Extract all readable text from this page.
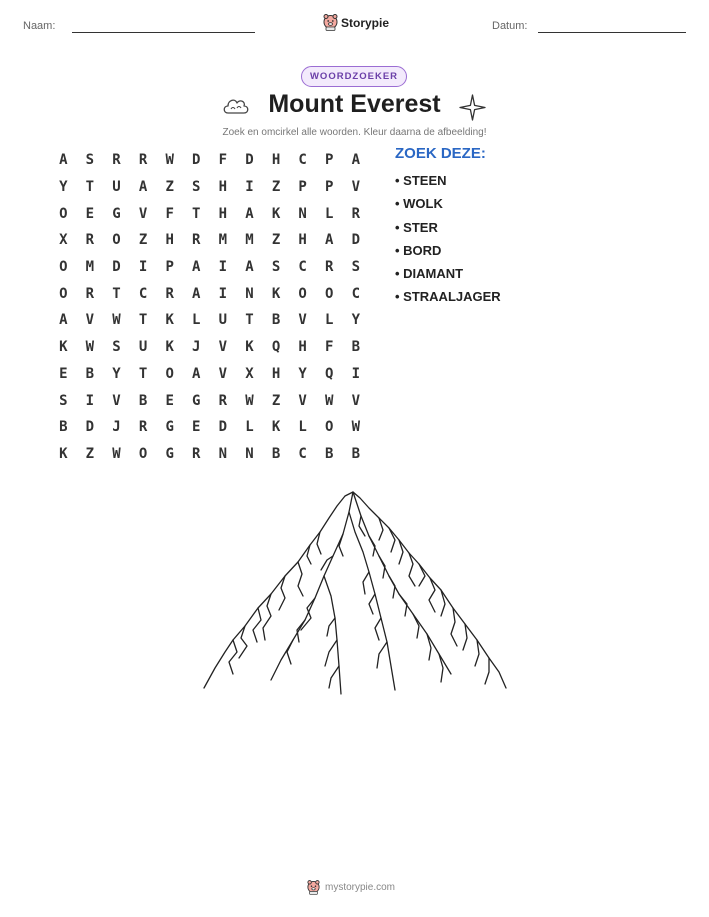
Naam:	Storypie	Datum:
WOORDZOEKER
Mount Everest
Zoek en omcirkel alle woorden. Kleur daarna de afbeelding!
A	S	R	R	W	D	F	D	H	C	P	A
Y	T	U	A	Z	S	H	I	Z	P	P	V
O	E	G	V	F	T	H	A	K	N	L	R
X	R	O	Z	H	R	M	M	Z	H	A	D
O	M	D	I	P	A	I	A	S	C	R	S
O	R	T	C	R	A	I	N	K	O	O	C
A	V	W	T	K	L	U	T	B	V	L	Y
K	W	S	U	K	J	V	K	Q	H	F	B
E	B	Y	T	O	A	V	X	H	Y	Q	I
S	I	V	B	E	G	R	W	Z	V	W	V
B	D	J	R	G	E	D	L	K	L	O	W
K	Z	W	O	G	R	N	N	B	C	B	B
ZOEK DEZE:
• STEEN
• WOLK
• STER
• BORD
• DIAMANT
• STRAALJAGER
mystorypie.com
